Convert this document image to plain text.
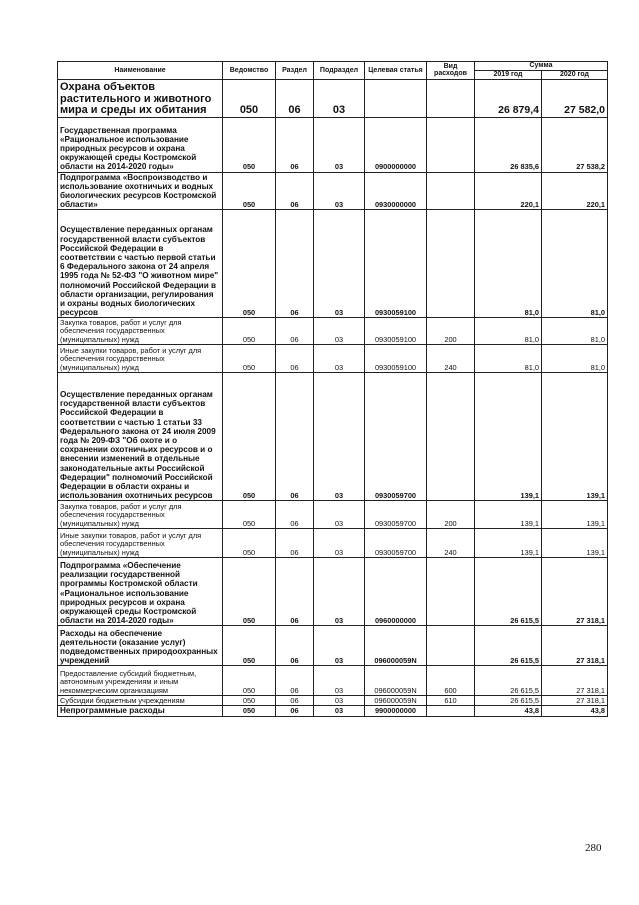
Наименование	Ведомство	Раздел	Подраздел	Целевая статья	Вид расходов	Сумма	
						2019 год	2020 год
Охрана объектов растительного и животного мира и среды их обитания	050	06	03			26 879,4	27 582,0
Государственная программа «Рациональное использование природных ресурсов и охрана окружающей среды Костромской области на 2014-2020 годы»	050	06	03	0900000000		26 835,6	27 538,2
Подпрограмма «Воспроизводство и использование охотничьих и водных биологических ресурсов Костромской области»	050	06	03	0930000000		220,1	220,1
Осуществление переданных органам государственной власти субъектов Российской Федерации в соответствии с частью первой статьи 6 Федерального закона от 24 апреля 1995 года № 52-ФЗ "О животном мире" полномочий Российской Федерации в области организации, регулирования и охраны водных биологических ресурсов	050	06	03	0930059100		81,0	81,0
Закупка товаров, работ и услуг для обеспечения государственных (муниципальных) нужд	050	06	03	0930059100	200	81,0	81,0
Иные закупки товаров, работ и услуг для обеспечения государственных (муниципальных) нужд	050	06	03	0930059100	240	81,0	81,0
Осуществление переданных органам государственной власти субъектов Российской Федерации в соответствии с частью 1 статьи 33 Федерального закона от 24 июля 2009 года № 209-ФЗ "Об охоте и о сохранении охотничьих ресурсов и о внесении изменений в отдельные законодательные акты Российской Федерации" полномочий Российской Федерации в области охраны и использования охотничьих ресурсов	050	06	03	0930059700		139,1	139,1
Закупка товаров, работ и услуг для обеспечения государственных (муниципальных) нужд	050	06	03	0930059700	200	139,1	139,1
Иные закупки товаров, работ и услуг для обеспечения государственных (муниципальных) нужд	050	06	03	0930059700	240	139,1	139,1
Подпрограмма «Обеспечение реализации государственной программы Костромской области «Рациональное использование природных ресурсов и охрана окружающей среды Костромской области на 2014-2020 годы»	050	06	03	0960000000		26 615,5	27 318,1
Расходы на обеспечение деятельности (оказание услуг) подведомственных природоохранных учреждений	050	06	03	096000059N		26 615,5	27 318,1
Предоставление субсидий бюджетным, автономным учреждениям и иным некоммерческим организациям	050	06	03	096000059N	600	26 615,5	27 318,1
Субсидии бюджетным учреждениям	050	06	03	096000059N	610	26 615,5	27 318,1
Непрограммные расходы	050	06	03	9900000000		43,8	43,8
280
